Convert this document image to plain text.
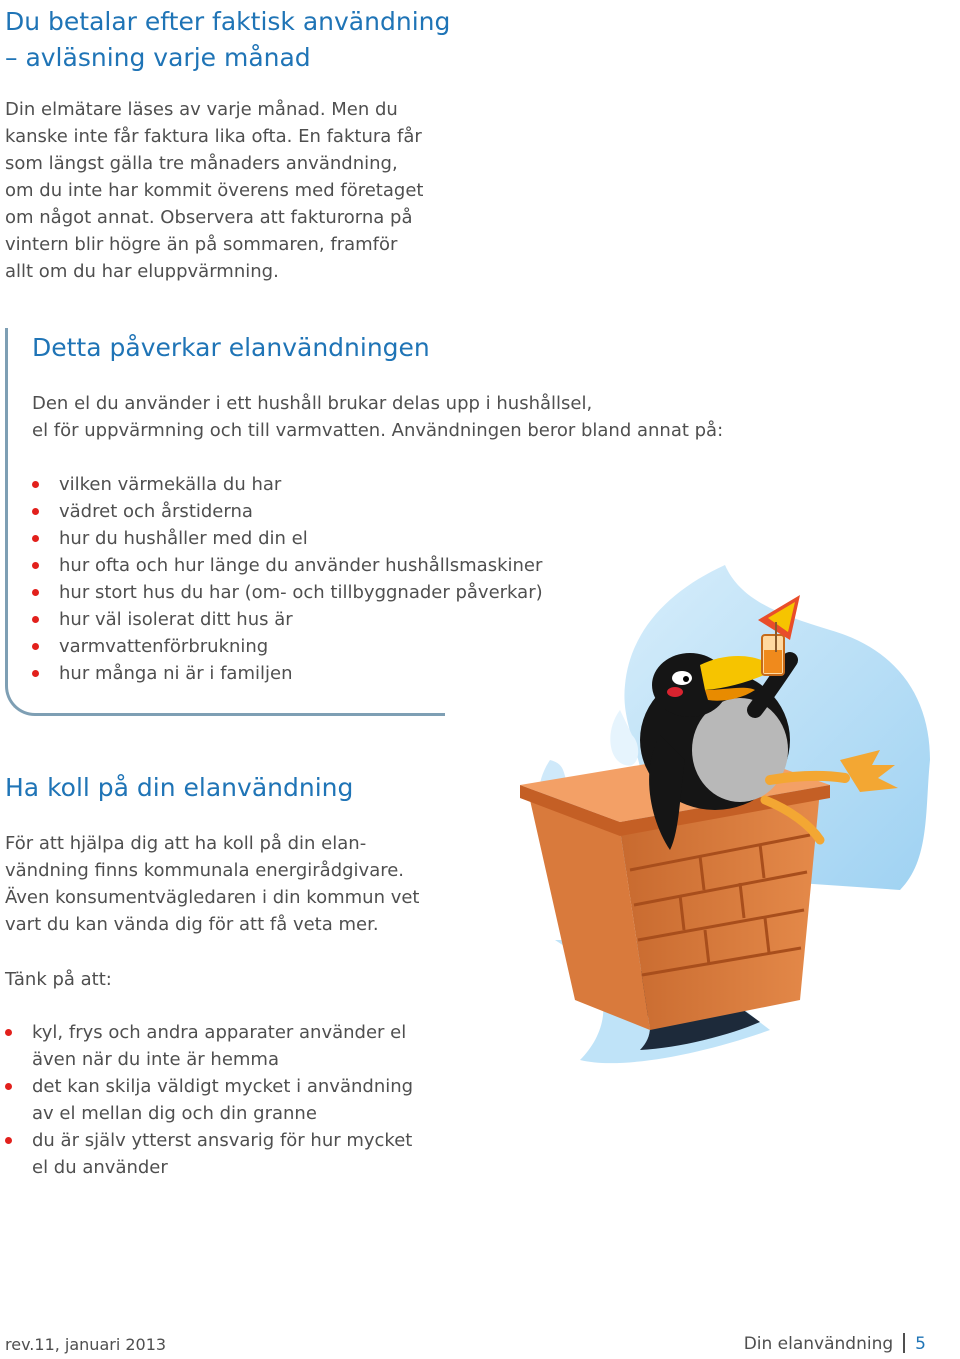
Du betalar efter faktisk användning
– avläsning varje månad

Din elmätare läses av varje månad. Men du
kanske inte får faktura lika ofta. En faktura får
som längst gälla tre månaders användning,
om du inte har kommit överens med företaget
om något annat. Observera att fakturorna på
vintern blir högre än på sommaren, framför
allt om du har eluppvärmning.

Detta påverkar elanvändningen

Den el du använder i ett hushåll brukar delas upp i hushållsel,
el för uppvärmning och till varmvatten. Användningen beror bland annat på:

vilken värmekälla du har
vädret och årstiderna
hur du hushåller med din el
hur ofta och hur länge du använder hushållsmaskiner
hur stort hus du har (om- och tillbyggnader påverkar)
hur väl isolerat ditt hus är
varmvattenförbrukning
hur många ni är i familjen
Ha koll på din elanvändning

För att hjälpa dig att ha koll på din elan-
vändning finns kommunala energirådgivare.
Även konsumentvägledaren i din kommun vet
vart du kan vända dig för att få veta mer.

Tänk på att:

kyl, frys och andra apparater använder el
även när du inte är hemma
det kan skilja väldigt mycket i användning
av el mellan dig och din granne
du är själv ytterst ansvarig för hur mycket
el du använder
rev.11, januari 2013	Din elanvändning 5
